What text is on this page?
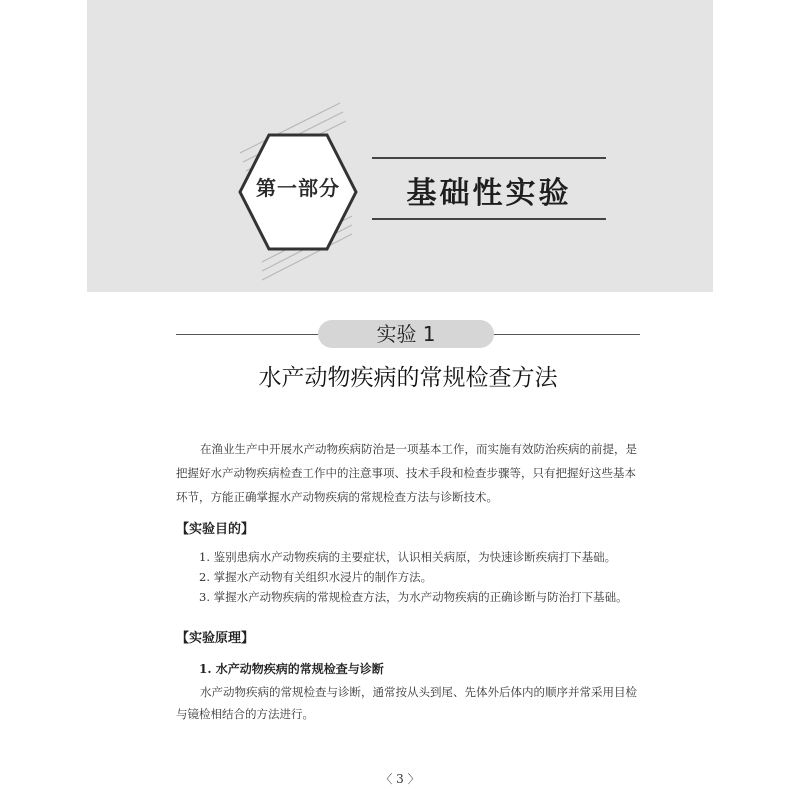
第一部分	基础性实验
实验 1
水产动物疾病的常规检查方法
在渔业生产中开展水产动物疾病防治是一项基本工作，而实施有效防治疾病的前提，是
把握好水产动物疾病检查工作中的注意事项、技术手段和检查步骤等，只有把握好这些基本
环节，方能正确掌握水产动物疾病的常规检查方法与诊断技术。
【实验目的】
1. 鉴别患病水产动物疾病的主要症状，认识相关病原，为快速诊断疾病打下基础。
2. 掌握水产动物有关组织水浸片的制作方法。
3. 掌握水产动物疾病的常规检查方法，为水产动物疾病的正确诊断与防治打下基础。
【实验原理】
1. 水产动物疾病的常规检查与诊断
水产动物疾病的常规检查与诊断，通常按从头到尾、先体外后体内的顺序并常采用目检
与镜检相结合的方法进行。
〈 3 〉
